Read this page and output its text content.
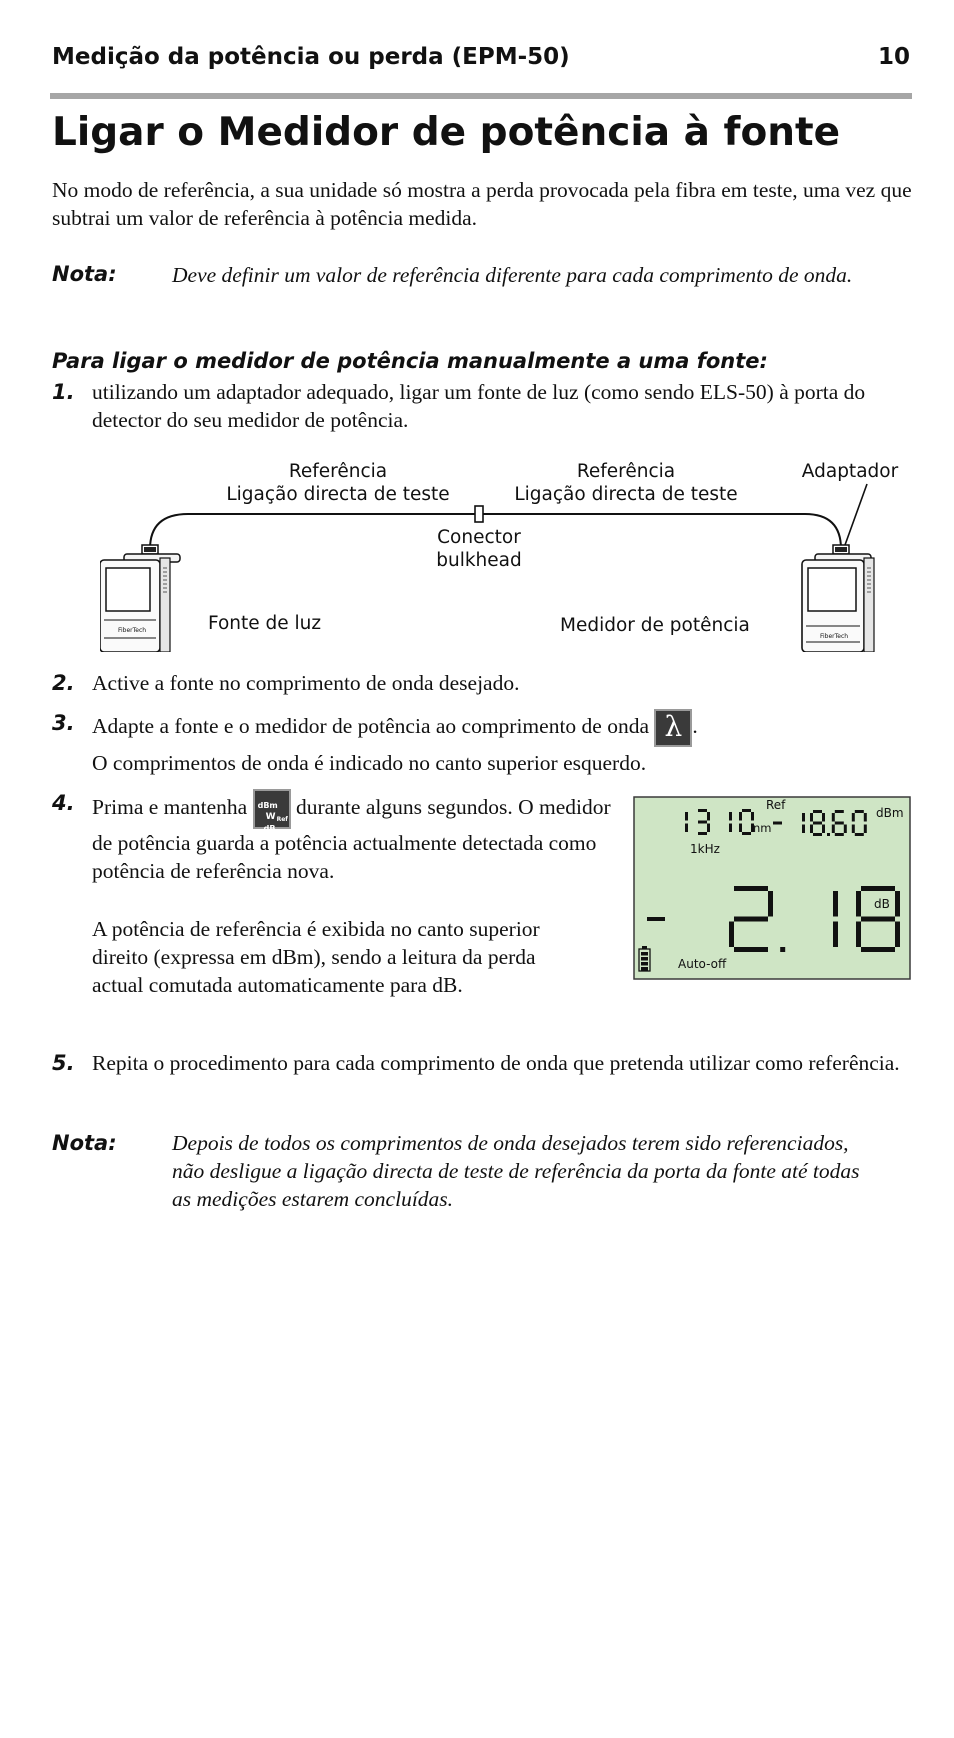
Medição da potência ou perda (EPM-50)	10
Ligar o Medidor de potência à fonte

No modo de referência, a sua unidade só mostra a perda provocada pela fibra em teste, uma vez que subtrai um valor de referência à potência medida.

Nota:	Deve definir um valor de referência diferente para cada comprimento de onda.

Para ligar o medidor de potência manualmente a uma fonte:
1. utilizando um adaptador adequado, ligar um fonte de luz (como sendo ELS-50) à porta do detector do seu medidor de potência.

Referência
Ligação directa de teste
Referência
Ligação directa de teste
Adaptador
Conector
bulkhead
Fonte de luz	Medidor de potência
FiberTech
FiberTech
2. Active a fonte no comprimento de onda desejado.

3. Adapte a fonte e o medidor de potência ao comprimento de onda λ .

O comprimentos de onda é indicado no canto superior esquerdo.

4. Prima e mantenha dBm
W Ref
dB
durante alguns segundos. O medidor de potência guarda a potência actualmente detectada como potência de referência nova.

A potência de referência é exibida no canto superior direito (expressa em dBm), sendo a leitura da perda actual comutada automaticamente para dB.

nm
Ref
dBm
1kHz
dB
Auto-off
5. Repita o procedimento para cada comprimento de onda que pretenda utilizar como referência.

Nota:	Depois de todos os comprimentos de onda desejados terem sido referenciados, não desligue a ligação directa de teste de referência da porta da fonte até todas as medições estarem concluídas.
